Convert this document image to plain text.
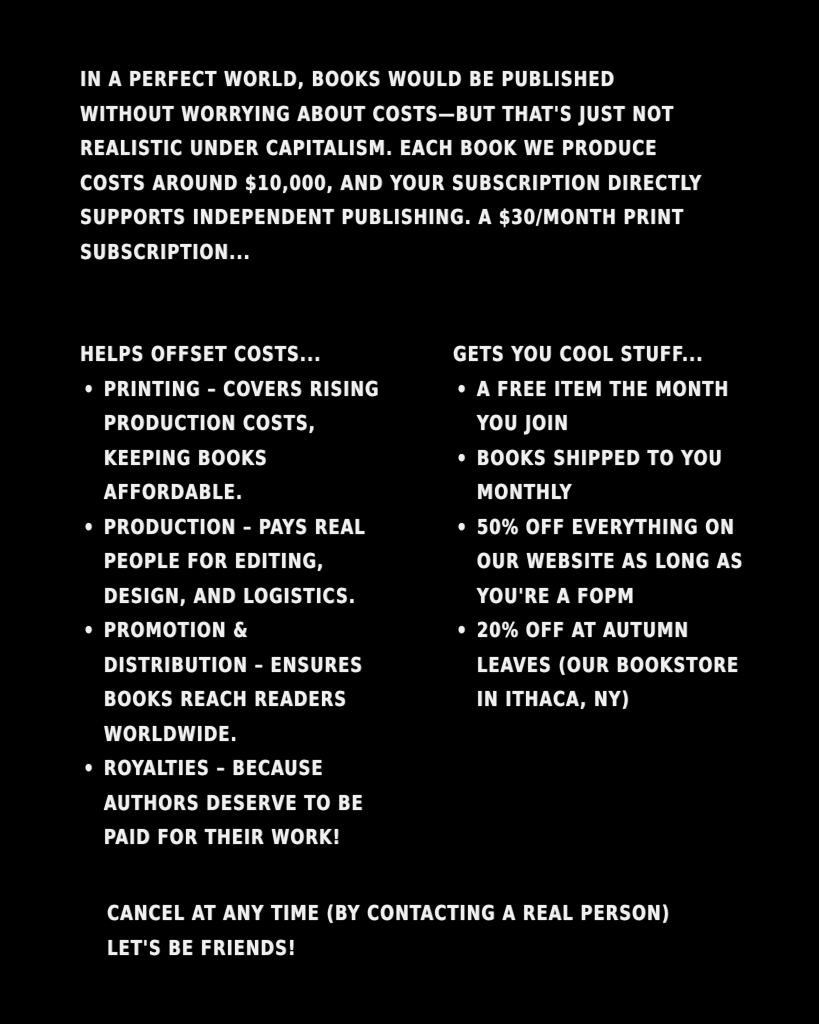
IN A PERFECT WORLD, BOOKS WOULD BE PUBLISHED WITHOUT WORRYING ABOUT COSTS—BUT THAT'S JUST NOT REALISTIC UNDER CAPITALISM. EACH BOOK WE PRODUCE COSTS AROUND $10,000, AND YOUR SUBSCRIPTION DIRECTLY SUPPORTS INDEPENDENT PUBLISHING. A $30/MONTH PRINT SUBSCRIPTION...
HELPS OFFSET COSTS...
• PRINTING – COVERS RISING PRODUCTION COSTS, KEEPING BOOKS AFFORDABLE.
• PRODUCTION – PAYS REAL PEOPLE FOR EDITING, DESIGN, AND LOGISTICS.
• PROMOTION & DISTRIBUTION – ENSURES BOOKS REACH READERS WORLDWIDE.
• ROYALTIES – BECAUSE AUTHORS DESERVE TO BE PAID FOR THEIR WORK!
GETS YOU COOL STUFF...
• A FREE ITEM THE MONTH YOU JOIN
• BOOKS SHIPPED TO YOU MONTHLY
• 50% OFF EVERYTHING ON OUR WEBSITE AS LONG AS YOU'RE A FOPM
• 20% OFF AT AUTUMN LEAVES (OUR BOOKSTORE IN ITHACA, NY)
CANCEL AT ANY TIME (BY CONTACTING A REAL PERSON)
LET'S BE FRIENDS!
